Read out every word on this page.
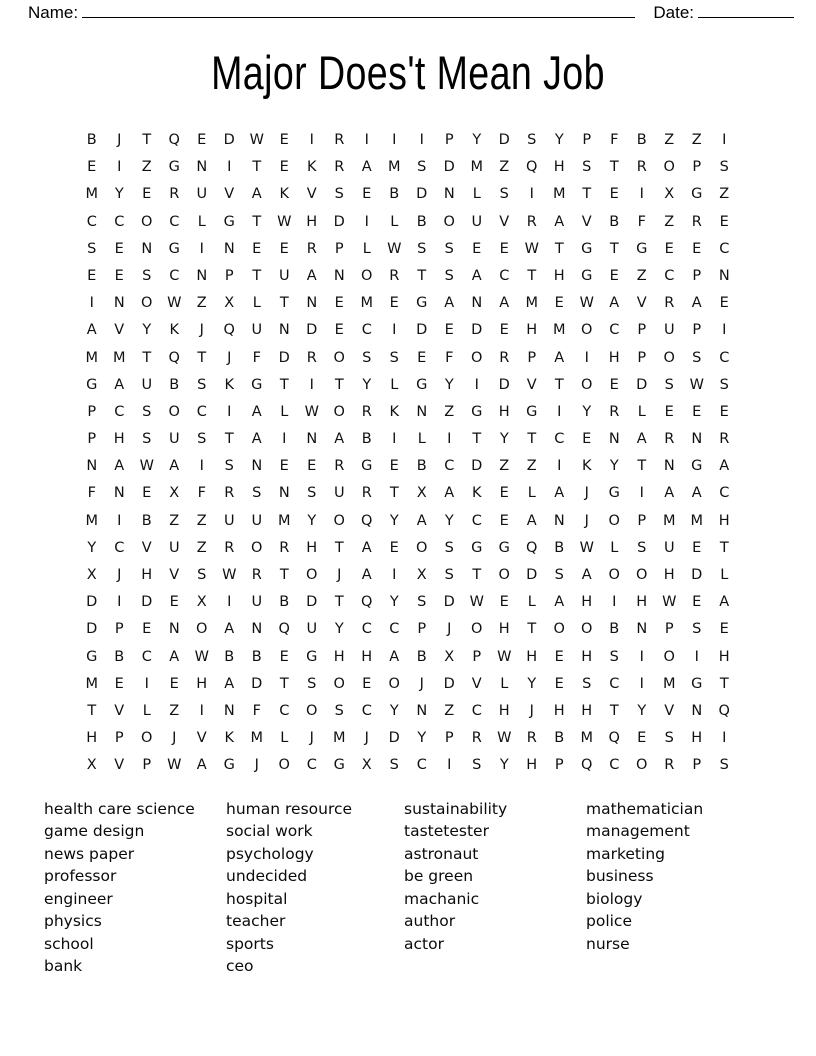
Name:	Date:
Major Does't Mean Job
B	J	T	Q	E	D	W	E	I	R	I	I	I	P	Y	D	S	Y	P	F	B	Z	Z	I
E	I	Z	G	N	I	T	E	K	R	A	M	S	D	M	Z	Q	H	S	T	R	O	P	S
M	Y	E	R	U	V	A	K	V	S	E	B	D	N	L	S	I	M	T	E	I	X	G	Z
C	C	O	C	L	G	T	W	H	D	I	L	B	O	U	V	R	A	V	B	F	Z	R	E
S	E	N	G	I	N	E	E	R	P	L	W	S	S	E	E	W	T	G	T	G	E	E	C
E	E	S	C	N	P	T	U	A	N	O	R	T	S	A	C	T	H	G	E	Z	C	P	N
I	N	O	W	Z	X	L	T	N	E	M	E	G	A	N	A	M	E	W	A	V	R	A	E
A	V	Y	K	J	Q	U	N	D	E	C	I	D	E	D	E	H	M	O	C	P	U	P	I
M	M	T	Q	T	J	F	D	R	O	S	S	E	F	O	R	P	A	I	H	P	O	S	C
G	A	U	B	S	K	G	T	I	T	Y	L	G	Y	I	D	V	T	O	E	D	S	W	S
P	C	S	O	C	I	A	L	W	O	R	K	N	Z	G	H	G	I	Y	R	L	E	E	E
P	H	S	U	S	T	A	I	N	A	B	I	L	I	T	Y	T	C	E	N	A	R	N	R
N	A	W	A	I	S	N	E	E	R	G	E	B	C	D	Z	Z	I	K	Y	T	N	G	A
F	N	E	X	F	R	S	N	S	U	R	T	X	A	K	E	L	A	J	G	I	A	A	C
M	I	B	Z	Z	U	U	M	Y	O	Q	Y	A	Y	C	E	A	N	J	O	P	M	M	H
Y	C	V	U	Z	R	O	R	H	T	A	E	O	S	G	G	Q	B	W	L	S	U	E	T
X	J	H	V	S	W	R	T	O	J	A	I	X	S	T	O	D	S	A	O	O	H	D	L
D	I	D	E	X	I	U	B	D	T	Q	Y	S	D	W	E	L	A	H	I	H	W	E	A
D	P	E	N	O	A	N	Q	U	Y	C	C	P	J	O	H	T	O	O	B	N	P	S	E
G	B	C	A	W	B	B	E	G	H	H	A	B	X	P	W	H	E	H	S	I	O	I	H
M	E	I	E	H	A	D	T	S	O	E	O	J	D	V	L	Y	E	S	C	I	M	G	T
T	V	L	Z	I	N	F	C	O	S	C	Y	N	Z	C	H	J	H	H	T	Y	V	N	Q
H	P	O	J	V	K	M	L	J	M	J	D	Y	P	R	W	R	B	M	Q	E	S	H	I
X	V	P	W	A	G	J	O	C	G	X	S	C	I	S	Y	H	P	Q	C	O	R	P	S
health care science
game design
news paper
professor
engineer
physics
school
bank
human resource
social work
psychology
undecided
hospital
teacher
sports
ceo
sustainability
tastetester
astronaut
be green
machanic
author
actor
mathematician
management
marketing
business
biology
police
nurse
